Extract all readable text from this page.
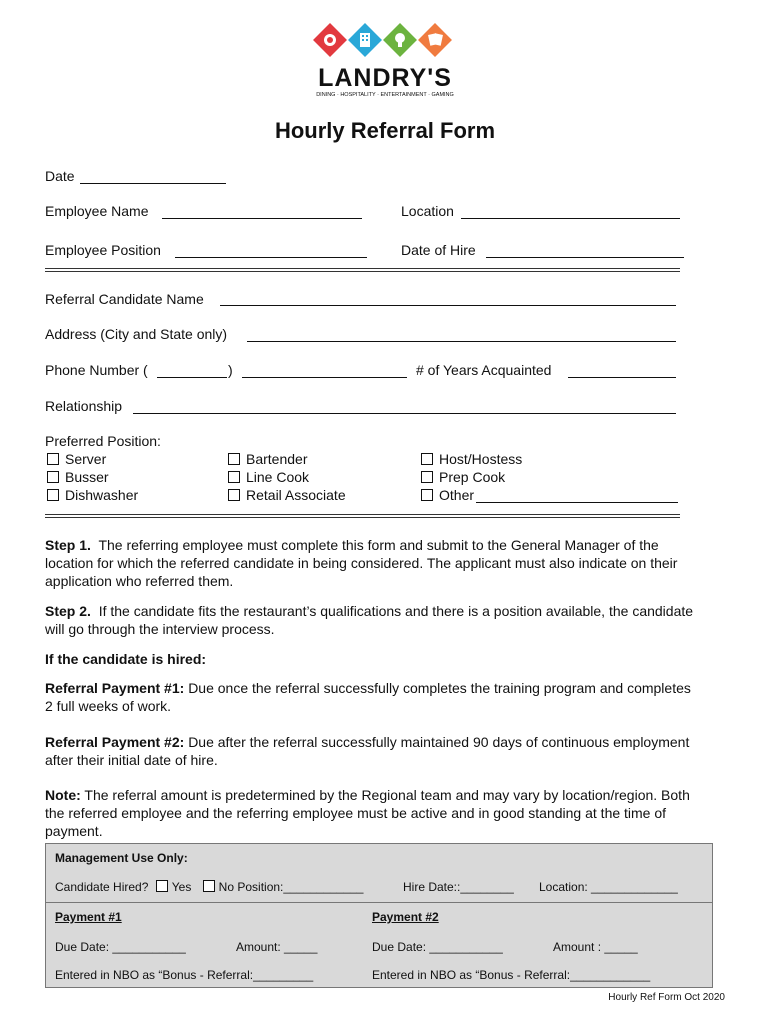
LANDRY'S
DINING · HOSPITALITY · ENTERTAINMENT · GAMING
Hourly Referral Form
Date
Employee Name	Location
Employee Position	Date of Hire
Referral Candidate Name
Address (City and State only)
Phone Number (	)	# of Years Acquainted
Relationship
Preferred Position:
Server
Busser
Dishwasher
Bartender
Line Cook
Retail Associate
Host/Hostess
Prep Cook
Other
Step 1. The referring employee must complete this form and submit to the General Manager of the location for which the referred candidate in being considered. The applicant must also indicate on their application who referred them.
Step 2. If the candidate fits the restaurant’s qualifications and there is a position available, the candidate will go through the interview process.
If the candidate is hired:
Referral Payment #1: Due once the referral successfully completes the training program and completes 2 full weeks of work.
Referral Payment #2: Due after the referral successfully maintained 90 days of continuous employment after their initial date of hire.
Note: The referral amount is predetermined by the Regional team and may vary by location/region. Both the referred employee and the referring employee must be active and in good standing at the time of payment.
Management Use Only:
Candidate Hired? Yes No Position:____________	Hire Date::________ Location: _____________
Payment #1	Payment #2
Due Date: ___________	Amount: _____	Due Date: ___________	Amount : _____
Entered in NBO as “Bonus - Referral:_________	Entered in NBO as “Bonus - Referral:____________
Hourly Ref Form Oct 2020
